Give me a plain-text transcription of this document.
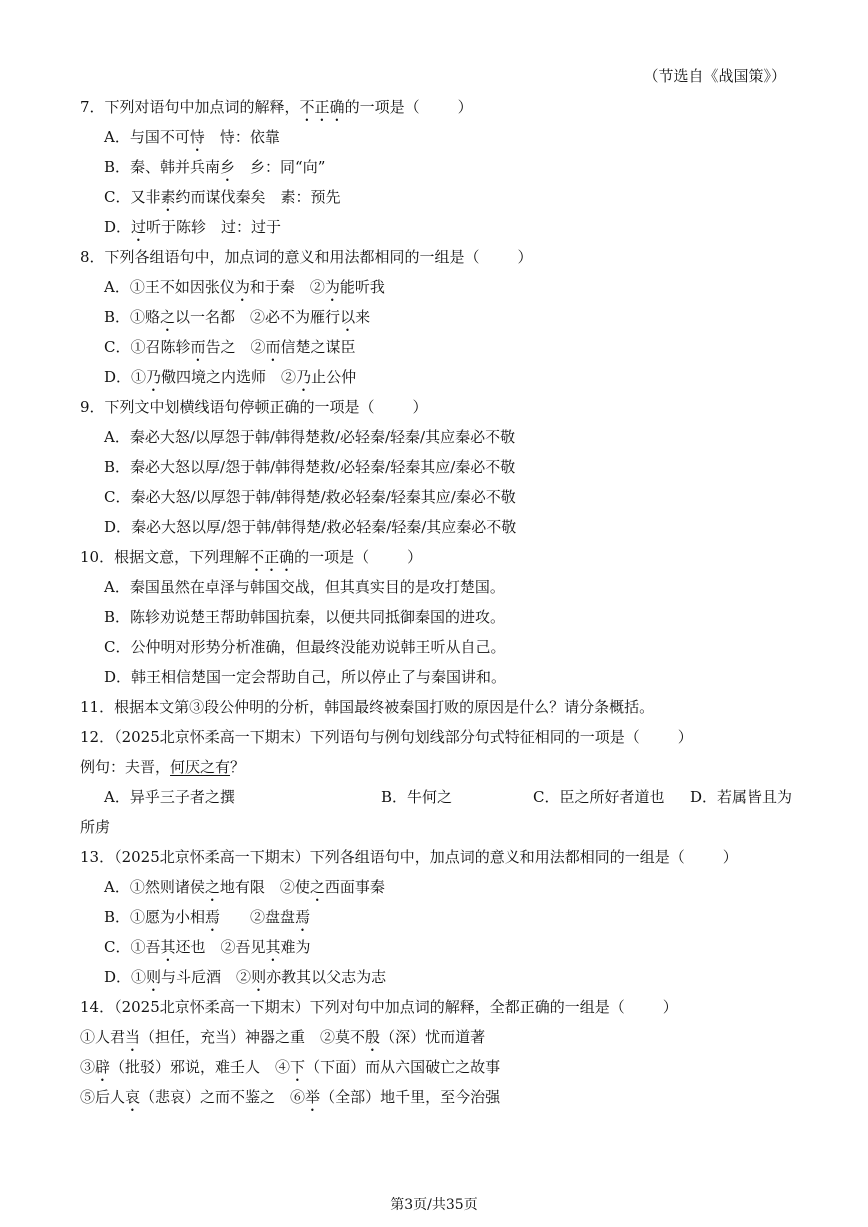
（节选自《战国策》）
7．下列对语句中加点词的解释，不正确的一项是（	）
A．与国不可恃　恃：依靠
B．秦、韩并兵南乡　乡：同“向”
C．又非素约而谋伐秦矣　素：预先
D．过听于陈轸　过：过于
8．下列各组语句中，加点词的意义和用法都相同的一组是（	）
A．①王不如因张仪为和于秦　②为能听我
B．①赂之以一名都　②必不为雁行以来
C．①召陈轸而告之　②而信楚之谋臣
D．①乃儆四境之内选师　②乃止公仲
9．下列文中划横线语句停顿正确的一项是（	）
A．秦必大怒/以厚怨于韩/韩得楚救/必轻秦/轻秦/其应秦必不敬
B．秦必大怒以厚/怨于韩/韩得楚救/必轻秦/轻秦其应/秦必不敬
C．秦必大怒/以厚怨于韩/韩得楚/救必轻秦/轻秦其应/秦必不敬
D．秦必大怒以厚/怨于韩/韩得楚/救必轻秦/轻秦/其应秦必不敬
10．根据文意，下列理解不正确的一项是（	）
A．秦国虽然在卓泽与韩国交战，但其真实目的是攻打楚国。
B．陈轸劝说楚王帮助韩国抗秦，以便共同抵御秦国的进攻。
C．公仲明对形势分析准确，但最终没能劝说韩王听从自己。
D．韩王相信楚国一定会帮助自己，所以停止了与秦国讲和。
11．根据本文第③段公仲明的分析，韩国最终被秦国打败的原因是什么？请分条概括。
12．（2025北京怀柔高一下期末）下列语句与例句划线部分句式特征相同的一项是（	）
例句：夫晋，何厌之有？
A．异乎三子者之撰	B．牛何之	C．臣之所好者道也 D．若属皆且为
所虏
13．（2025北京怀柔高一下期末）下列各组语句中，加点词的意义和用法都相同的一组是（	）
A．①然则诸侯之地有限　②使之西面事秦
B．①愿为小相焉　　②盘盘焉
C．①吾其还也　②吾见其难为
D．①则与斗卮酒　②则亦教其以父志为志
14．（2025北京怀柔高一下期末）下列对句中加点词的解释，全都正确的一组是（	）
①人君当（担任，充当）神器之重　②莫不殷（深）忧而道著
③辟（批驳）邪说，难壬人　④下（下面）而从六国破亡之故事
⑤后人哀（悲哀）之而不鉴之　⑥举（全部）地千里，至今治强
第3页/共35页
